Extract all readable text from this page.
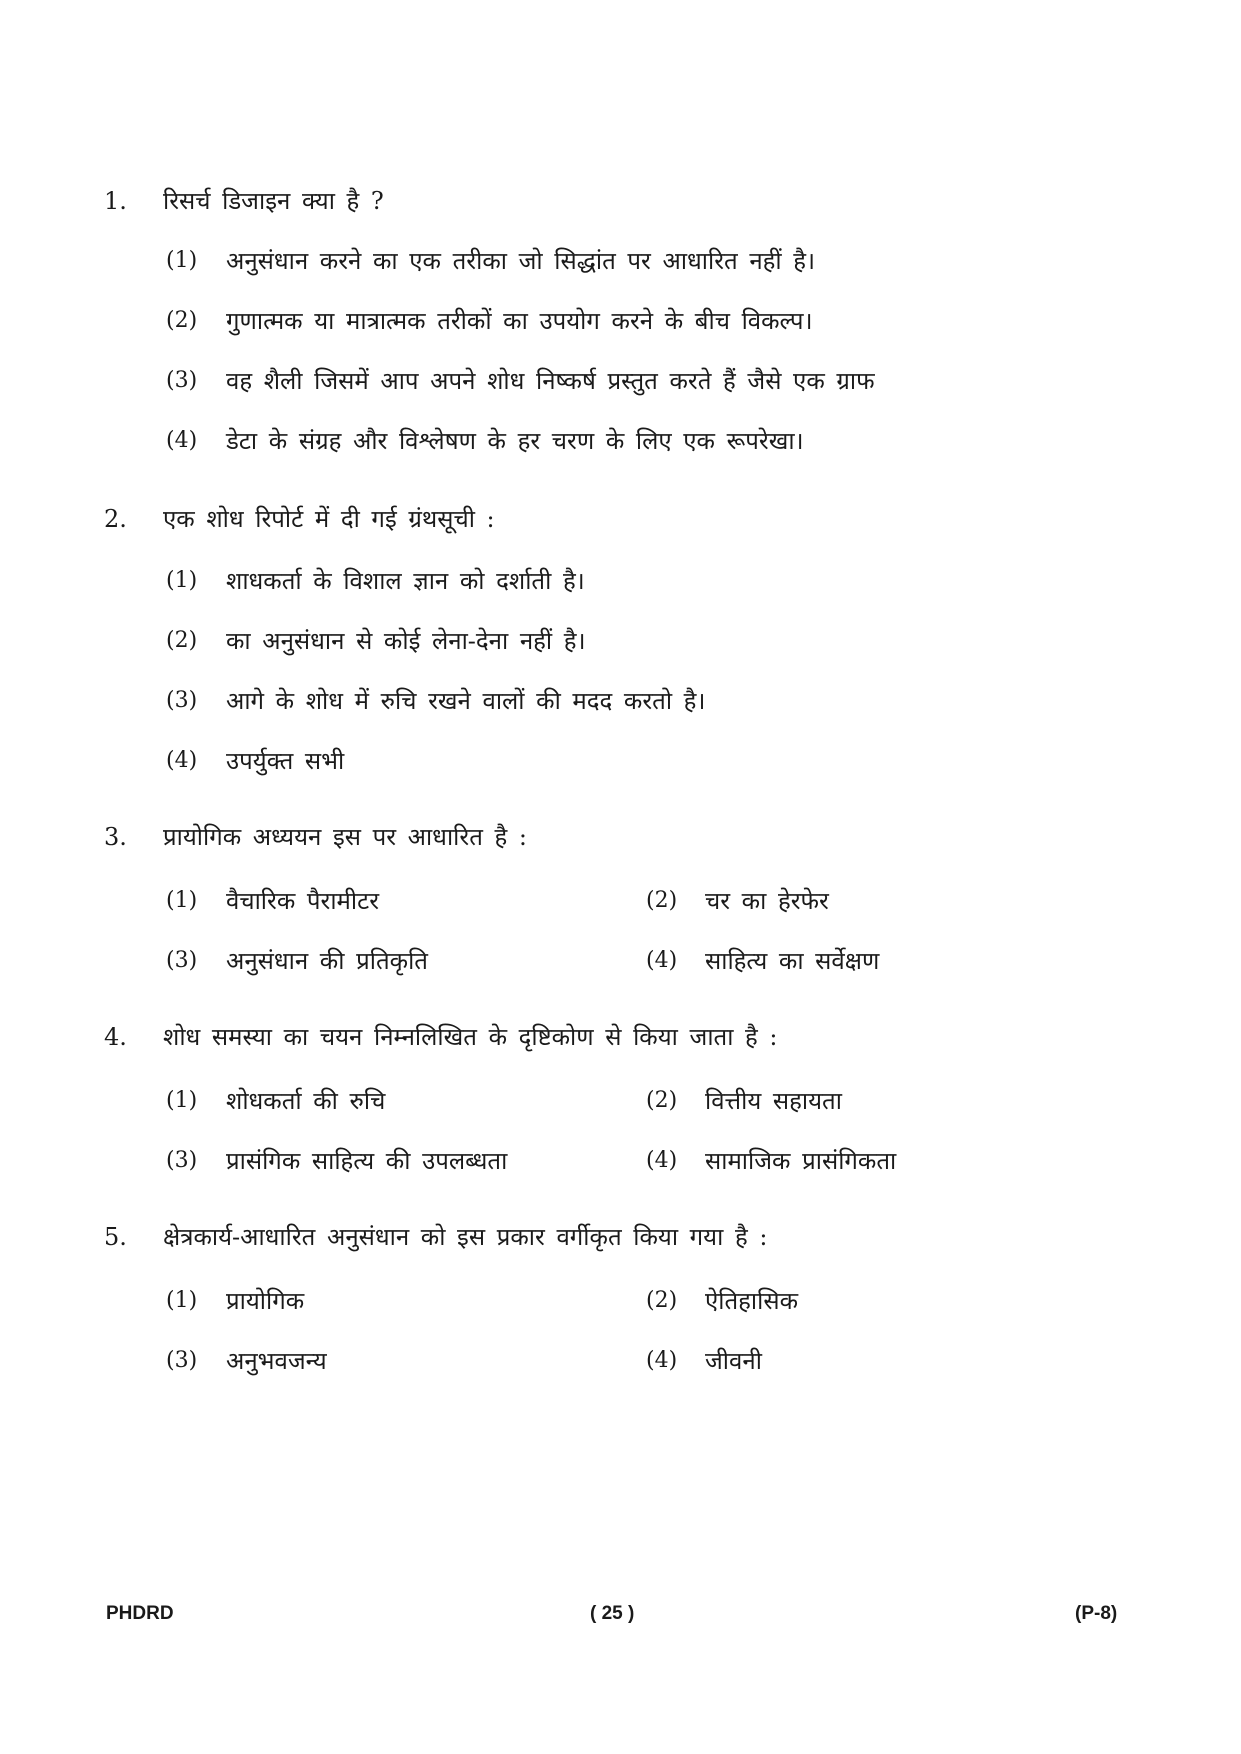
1. रिसर्च डिजाइन क्या है ?
(1) अनुसंधान करने का एक तरीका जो सिद्धांत पर आधारित नहीं है।
(2) गुणात्मक या मात्रात्मक तरीकों का उपयोग करने के बीच विकल्प।
(3) वह शैली जिसमें आप अपने शोध निष्कर्ष प्रस्तुत करते हैं जैसे एक ग्राफ
(4) डेटा के संग्रह और विश्लेषण के हर चरण के लिए एक रूपरेखा।
2. एक शोध रिपोर्ट में दी गई ग्रंथसूची :
(1) शाधकर्ता के विशाल ज्ञान को दर्शाती है।
(2) का अनुसंधान से कोई लेना-देना नहीं है।
(3) आगे के शोध में रुचि रखने वालों की मदद करतो है।
(4) उपर्युक्त सभी
3. प्रायोगिक अध्ययन इस पर आधारित है :
(1) वैचारिक पैरामीटर	(2) चर का हेरफेर
(3) अनुसंधान की प्रतिकृति	(4) साहित्य का सर्वेक्षण
4. शोध समस्या का चयन निम्नलिखित के दृष्टिकोण से किया जाता है :
(1) शोधकर्ता की रुचि	(2) वित्तीय सहायता
(3) प्रासंगिक साहित्य की उपलब्धता	(4) सामाजिक प्रासंगिकता
5. क्षेत्रकार्य-आधारित अनुसंधान को इस प्रकार वर्गीकृत किया गया है :
(1) प्रायोगिक	(2) ऐतिहासिक
(3) अनुभवजन्य	(4) जीवनी
PHDRD	( 25 )	(P-8)
